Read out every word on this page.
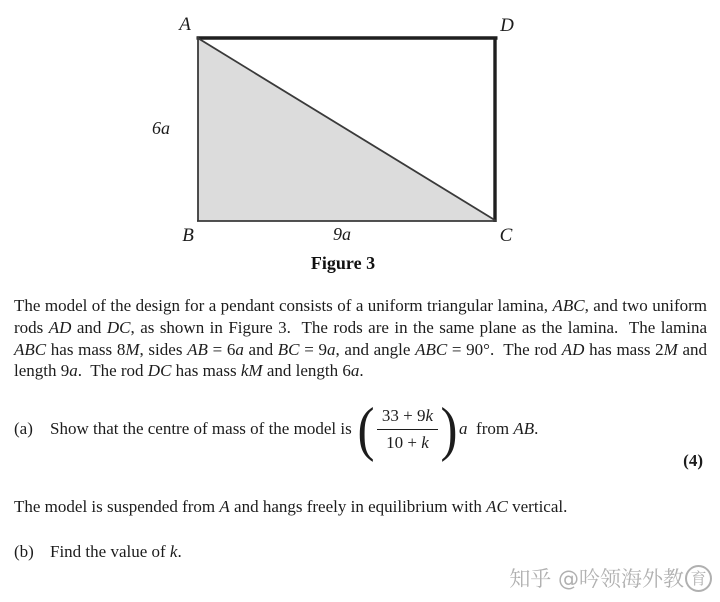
A	D
B	C
6a
9a
Figure 3
The model of the design for a pendant consists of a uniform triangular lamina, ABC, and two uniform rods AD and DC, as shown in Figure 3.  The rods are in the same plane as the lamina.  The lamina ABC has mass 8M, sides AB = 6a and BC = 9a, and angle ABC = 90°.  The rod AD has mass 2M and length 9a.  The rod DC has mass kM and length 6a.
(a)	Show that the centre of mass of the model is ( $\frac{33 + 9k}{10 + k}$ ) a  from AB.
(4)
The model is suspended from A and hangs freely in equilibrium with AC vertical.
(b) Find the value of k.
知乎 @吟领海外教 育
